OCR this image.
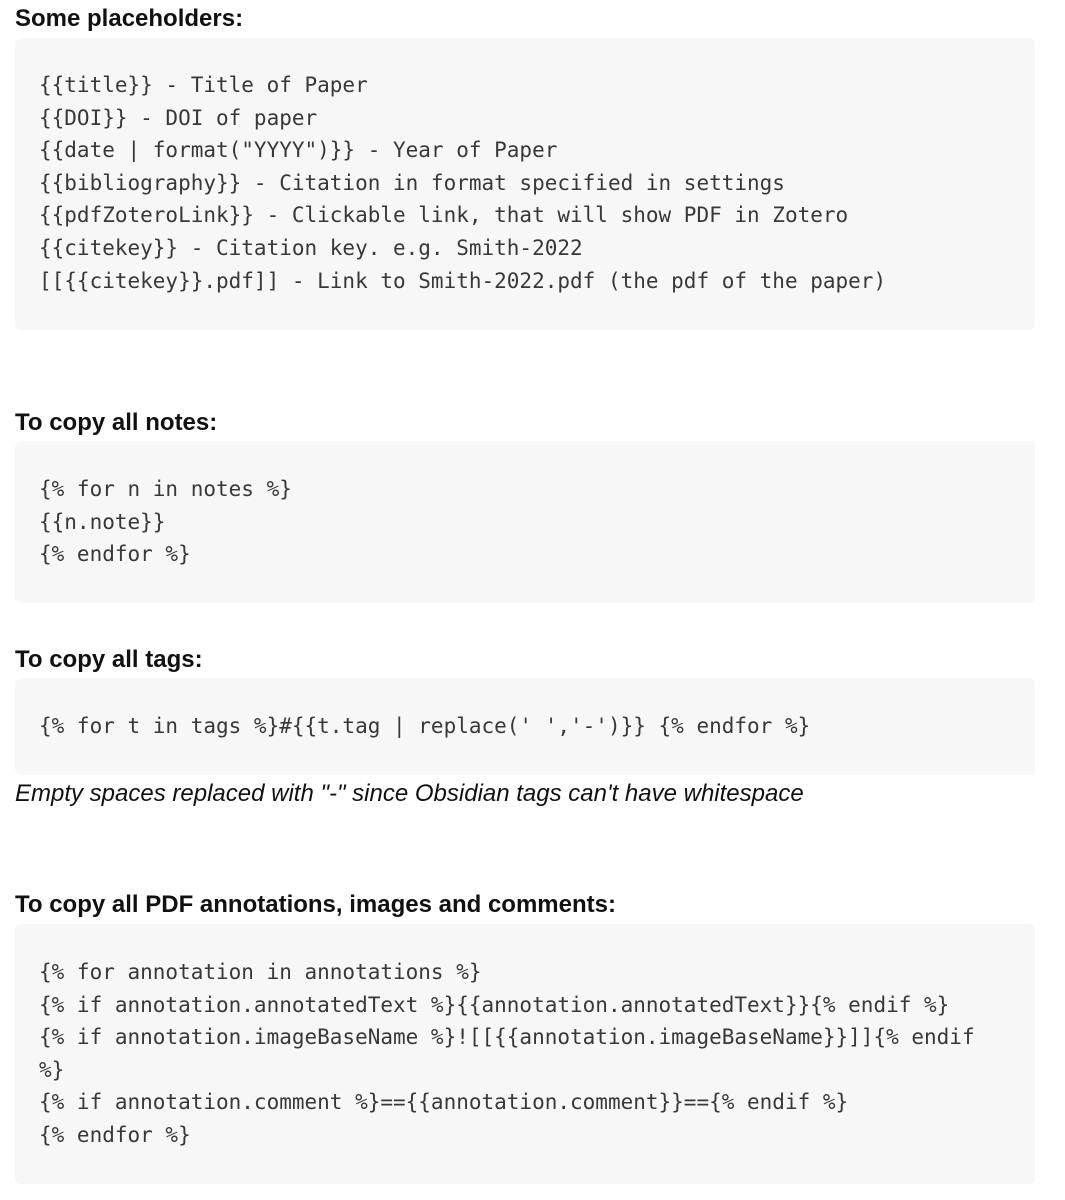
Some placeholders:
{{title}} - Title of Paper
{{DOI}} - DOI of paper
{{date | format("YYYY")}} - Year of Paper
{{bibliography}} - Citation in format specified in settings
{{pdfZoteroLink}} - Clickable link, that will show PDF in Zotero
{{citekey}} - Citation key. e.g. Smith-2022
[[{{citekey}}.pdf]] - Link to Smith-2022.pdf (the pdf of the paper)
To copy all notes:
{% for n in notes %}
{{n.note}}
{% endfor %}
To copy all tags:
{% for t in tags %}#{{t.tag | replace(' ','-')}} {% endfor %}

Empty spaces replaced with "-" since Obsidian tags can't have whitespace

To copy all PDF annotations, images and comments:
{% for annotation in annotations %}
{% if annotation.annotatedText %}{{annotation.annotatedText}}{% endif %}
{% if annotation.imageBaseName %}![[{{annotation.imageBaseName}}]]{% endif
%}
{% if annotation.comment %}=={{annotation.comment}}=={% endif %}
{% endfor %}
